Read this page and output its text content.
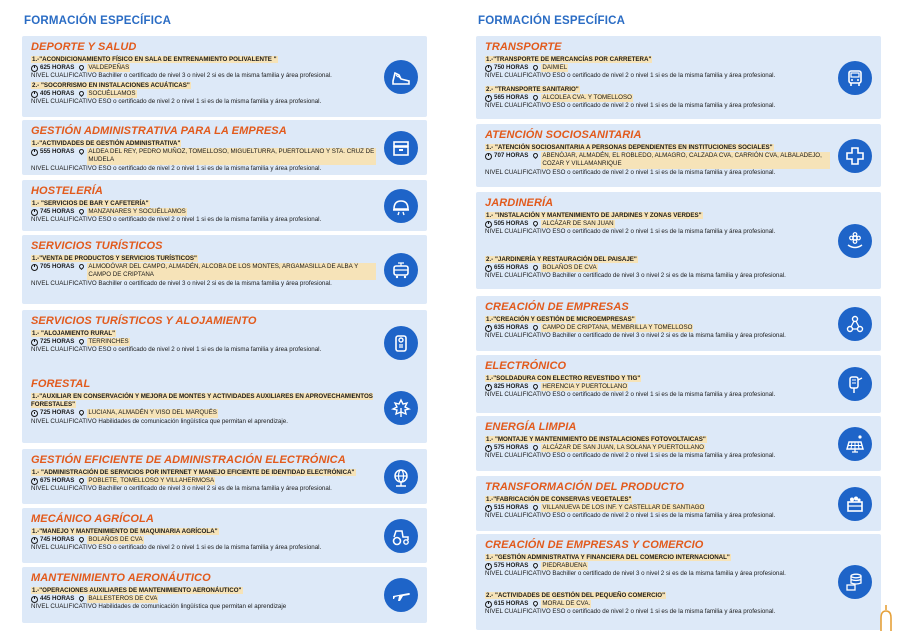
FORMACIÓN ESPECÍFICA
DEPORTE Y SALUD
1.-"ACONDICIONAMIENTO FÍSICO EN SALA DE ENTRENAMIENTO POLIVALENTE "
625 HORAS VALDEPEÑAS
NIVEL CUALIFICATIVO Bachiller o certificado de nivel 3 o nivel 2 si es de la misma familia y área profesional.
2.- "SOCORRISMO EN INSTALACIONES ACUÁTICAS"
405 HORAS SOCUÉLLAMOS
NIVEL CUALIFICATIVO ESO o certificado de nivel 2 o nivel 1 si es de la misma familia y área profesional.
GESTIÓN ADMINISTRATIVA PARA LA EMPRESA
1.-"ACTIVIDADES DE GESTIÓN ADMINISTRATIVA"
555 HORAS ALDEA DEL REY, PEDRO MUÑOZ, TOMELLOSO, MIGUELTURRA, PUERTOLLANO Y STA. CRUZ DE MUDELA
NIVEL CUALIFICATIVO ESO o certificado de nivel 2 o nivel 1 si es de la misma familia y área profesional.
HOSTELERÍA
1.- "SERVICIOS DE BAR Y CAFETERÍA"
745 HORAS MANZANARES Y SOCUÉLLAMOS
NIVEL CUALIFICATIVO ESO o certificado de nivel 2 o nivel 1 si es de la misma familia y área profesional.
SERVICIOS TURÍSTICOS
1.-"VENTA DE PRODUCTOS Y SERVICIOS TURÍSTICOS"
705 HORAS ALMODÓVAR DEL CAMPO, ALMADÉN, ALCOBA DE LOS MONTES, ARGAMASILLA DE ALBA Y CAMPO DE CRIPTANA
NIVEL CUALIFICATIVO Bachiller o certificado de nivel 3 o nivel 2 si es de la misma familia y área profesional.
SERVICIOS TURÍSTICOS Y ALOJAMIENTO
1.- "ALOJAMIENTO RURAL"
725 HORAS TERRINCHES
NIVEL CUALIFICATIVO ESO o certificado de nivel 2 o nivel 1 si es de la misma familia y área profesional.
FORESTAL
1.-"AUXILIAR EN CONSERVACIÓN Y MEJORA DE MONTES Y ACTIVIDADES AUXILIARES EN APROVECHAMIENTOS FORESTALES"
725 HORAS LUCIANA, ALMADÉN Y VISO DEL MARQUÉS
NIVEL CUALIFICATIVO Habilidades de comunicación lingüística que permitan el aprendizaje.
GESTIÓN EFICIENTE DE ADMINISTRACIÓN ELECTRÓNICA
1.- "ADMINISTRACIÓN DE SERVICIOS POR INTERNET Y MANEJO EFICIENTE DE IDENTIDAD ELECTRÓNICA"
675 HORAS POBLETE, TOMELLOSO Y VILLAHERMOSA
NIVEL CUALIFICATIVO Bachiller o certificado de nivel 3 o nivel 2 si es de la misma familia y área profesional.
MECÁNICO AGRÍCOLA
1.-"MANEJO Y MANTENIMIENTO DE MAQUINARIA AGRÍCOLA"
745 HORAS BOLAÑOS DE CVA
NIVEL CUALIFICATIVO ESO o certificado de nivel 2 o nivel 1 si es de la misma familia y área profesional.
MANTENIMIENTO AERONÁUTICO
1.-"OPERACIONES AUXILIARES DE MANTENIMIENTO AERONÁUTICO"
445 HORAS BALLESTEROS DE CVA
NIVEL CUALIFICATIVO Habilidades de comunicación lingüística que permitan el aprendizaje
FORMACIÓN ESPECÍFICA
TRANSPORTE
1.-"TRANSPORTE DE MERCANCÍAS POR CARRETERA"
750 HORAS DAIMIEL
NIVEL CUALIFICATIVO ESO o certificado de nivel 2 o nivel 1 si es de la misma familia y área profesional.
2.- "TRANSPORTE SANITARIO"
565 HORAS ALCOLEA CVA. Y TOMELLOSO
NIVEL CUALIFICATIVO ESO o certificado de nivel 2 o nivel 1 si es de la misma familia y área profesional.
ATENCIÓN SOCIOSANITARIA
1.- "ATENCIÓN SOCIOSANITARIA A PERSONAS DEPENDIENTES EN INSTITUCIONES SOCIALES"
707 HORAS ABENÓJAR, ALMADÉN, EL ROBLEDO, ALMAGRO, CALZADA CVA, CARRIÓN CVA, ALBALADEJO, COZAR Y VILLAMANRIQUE
NIVEL CUALIFICATIVO ESO o certificado de nivel 2 o nivel 1 si es de la misma familia y área profesional.
JARDINERÍA
1.- "INSTALACIÓN Y MANTENIMIENTO DE JARDINES Y ZONAS VERDES"
505 HORAS ALCÁZAR DE SAN JUAN
NIVEL CUALIFICATIVO ESO o certificado de nivel 2 o nivel 1 si es de la misma familia y área profesional.
2.- "JARDINERÍA Y RESTAURACIÓN DEL PAISAJE"
655 HORAS BOLAÑOS DE CVA
NIVEL CUALIFICATIVO Bachiller o certificado de nivel 3 o nivel 2 si es de la misma familia y área profesional.
CREACIÓN DE EMPRESAS
1.-"CREACIÓN Y GESTIÓN DE MICROEMPRESAS"
635 HORAS CAMPO DE CRIPTANA, MEMBRILLA Y TOMELLOSO
NIVEL CUALIFICATIVO Bachiller o certificado de nivel 3 o nivel 2 si es de la misma familia y área profesional.
ELECTRÓNICO
1.-"SOLDADURA CON ELECTRO REVESTIDO Y TIG"
825 HORAS HERENCIA Y PUERTOLLANO
NIVEL CUALIFICATIVO ESO o certificado de nivel 2 o nivel 1 si es de la misma familia y área profesional.
ENERGÍA LIMPIA
1.- "MONTAJE Y MANTENIMIENTO DE INSTALACIONES FOTOVOLTAICAS"
575 HORAS ALCÁZAR DE SAN JUAN, LA SOLANA Y PUERTOLLANO
NIVEL CUALIFICATIVO ESO o certificado de nivel 2 o nivel 1 si es de la misma familia y área profesional.
TRANSFORMACIÓN DEL PRODUCTO
1.-"FABRICACIÓN DE CONSERVAS VEGETALES"
515 HORAS VILLANUEVA DE LOS INF. Y CASTELLAR DE SANTIAGO
NIVEL CUALIFICATIVO ESO o certificado de nivel 2 o nivel 1 si es de la misma familia y área profesional.
CREACIÓN DE EMPRESAS Y COMERCIO
1.- "GESTIÓN ADMINISTRATIVA Y FINANCIERA DEL COMERCIO INTERNACIONAL"
575 HORAS PIEDRABUENA
NIVEL CUALIFICATIVO Bachiller o certificado de nivel 3 o nivel 2 si es de la misma familia y área profesional.
2.- "ACTIVIDADES DE GESTIÓN DEL PEQUEÑO COMERCIO"
615 HORAS MORAL DE CVA.
NIVEL CUALIFICATIVO ESO o certificado de nivel 2 o nivel 1 si es de la misma familia y área profesional.
